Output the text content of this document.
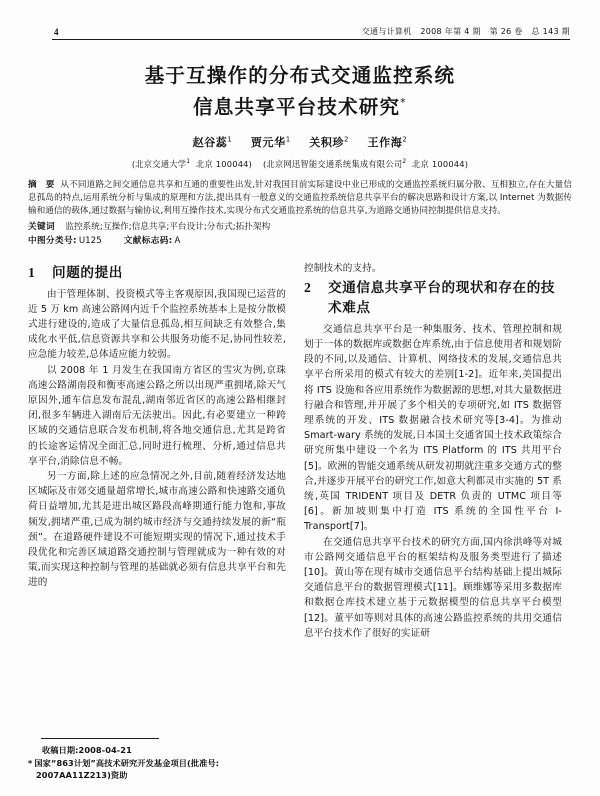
4	交通与计算机 2008 年第 4 期 第 26 卷 总 143 期
基于互操作的分布式交通监控系统
信息共享平台技术研究*
赵谷蕊$^1$ 贾元华$^1$ 关积珍$^2$ 王作海$^2$
(北京交通大学$^1$ 北京 100044) (北京网迅智能交通系统集成有限公司$^2$ 北京 100044)
摘 要 从不同道路之间交通信息共享和互通的重要性出发,针对我国目前实际建设中业已形成的交通监控系统归属分散、互相独立,存在大量信息孤岛的特点,运用系统分析与集成的原理和方法,提出具有一般意义的交通监控系统信息共享平台的解决思路和设计方案,以 Internet 为数据传输和通信的载体,通过数据与输协议,利用互操作技术,实现分布式交通监控系统的信息共享,为道路交通协同控制提供信息支持。
关键词 监控系统;互操作;信息共享;平台设计;分布式;拓扑架构
中图分类号: U125	文献标志码: A
1	问题的提出

由于管理体制、投资模式等主客观原因,我国现已运营的近 5 万 km 高速公路网内近千个监控系统基本上是按分散模式进行建设的,造成了大量信息孤岛,相互间缺乏有效整合,集成化水平低,信息资源共享和公共服务功能不足,协同性较差,应急能力较差,总体适应能力较弱。

以 2008 年 1 月发生在我国南方省区的雪灾为例,京珠高速公路湖南段和衡枣高速公路之所以出现严重拥堵,除天气原因外,通车信息发布混乱,湖南邻近省区的高速公路相继封闭,很多车辆进入湖南后无法驶出。因此,有必要建立一种跨区域的交通信息联合发布机制,将各地交通信息,尤其是跨省的长途客运情况全面汇总,同时进行梳理、分析,通过信息共享平台,消除信息不畅。

另一方面,除上述的应急情况之外,目前,随着经济发达地区城际及市郊交通量超常增长,城市高速公路和快速路交通负荷日益增加,尤其是进出城区路段高峰期通行能力饱和,事故频发,拥堵严重,已成为制约城市经济与交通持续发展的新“瓶颈”。在道路硬件建设不可能短期实现的情况下,通过技术手段优化和完善区域道路交通控制与管理就成为一种有效的对策,而实现这种控制与管理的基础就必须有信息共享平台和先进的

控制技术的支持。

2	交通信息共享平台的现状和存在的技术难点

交通信息共享平台是一种集服务、技术、管理控制和规划于一体的数据库或数据仓库系统,由于信息使用者和规划阶段的不同,以及通信、计算机、网络技术的发展,交通信息共享平台所采用的模式有较大的差别[1-2]。近年来,美国提出将 ITS 设施和各应用系统作为数据源的思想,对其大量数据进行融合和管理,并开展了多个相关的专项研究,如 ITS 数据管理系统的开发、ITS 数据融合技术研究等[3-4]。为推动 Smart-wary 系统的发展,日本国土交通省国土技术政策综合研究所集中建设一个名为 ITS Platform 的 ITS 共用平台[5]。欧洲的智能交通系统从研发初期就注重多交通方式的整合,并逐步开展平台的研究工作,如意大利都灵市实施的 5T 系统,英国 TRIDENT 项目及 DETR 负责的 UTMC 项目等[6]。新加坡则集中打造 ITS 系统的全国性平台 I-Transport[7]。

在交通信息共享平台技术的研究方面,国内徐洪峰等对城市公路网交通信息平台的框架结构及服务类型进行了描述[10]。黄山等在现有城市交通信息平台结构基础上提出城际交通信息平台的数据管理模式[11]。顾维娜等采用多数据库和数据仓库技术建立基于元数据模型的信息共享平台模型[12]。董平如等则对具体的高速公路监控系统的共用交通信息平台技术作了很好的实证研

收稿日期:2008-04-21
* 国家“863计划”高技术研究开发基金项目(批准号:
2007AA11Z213)资助
